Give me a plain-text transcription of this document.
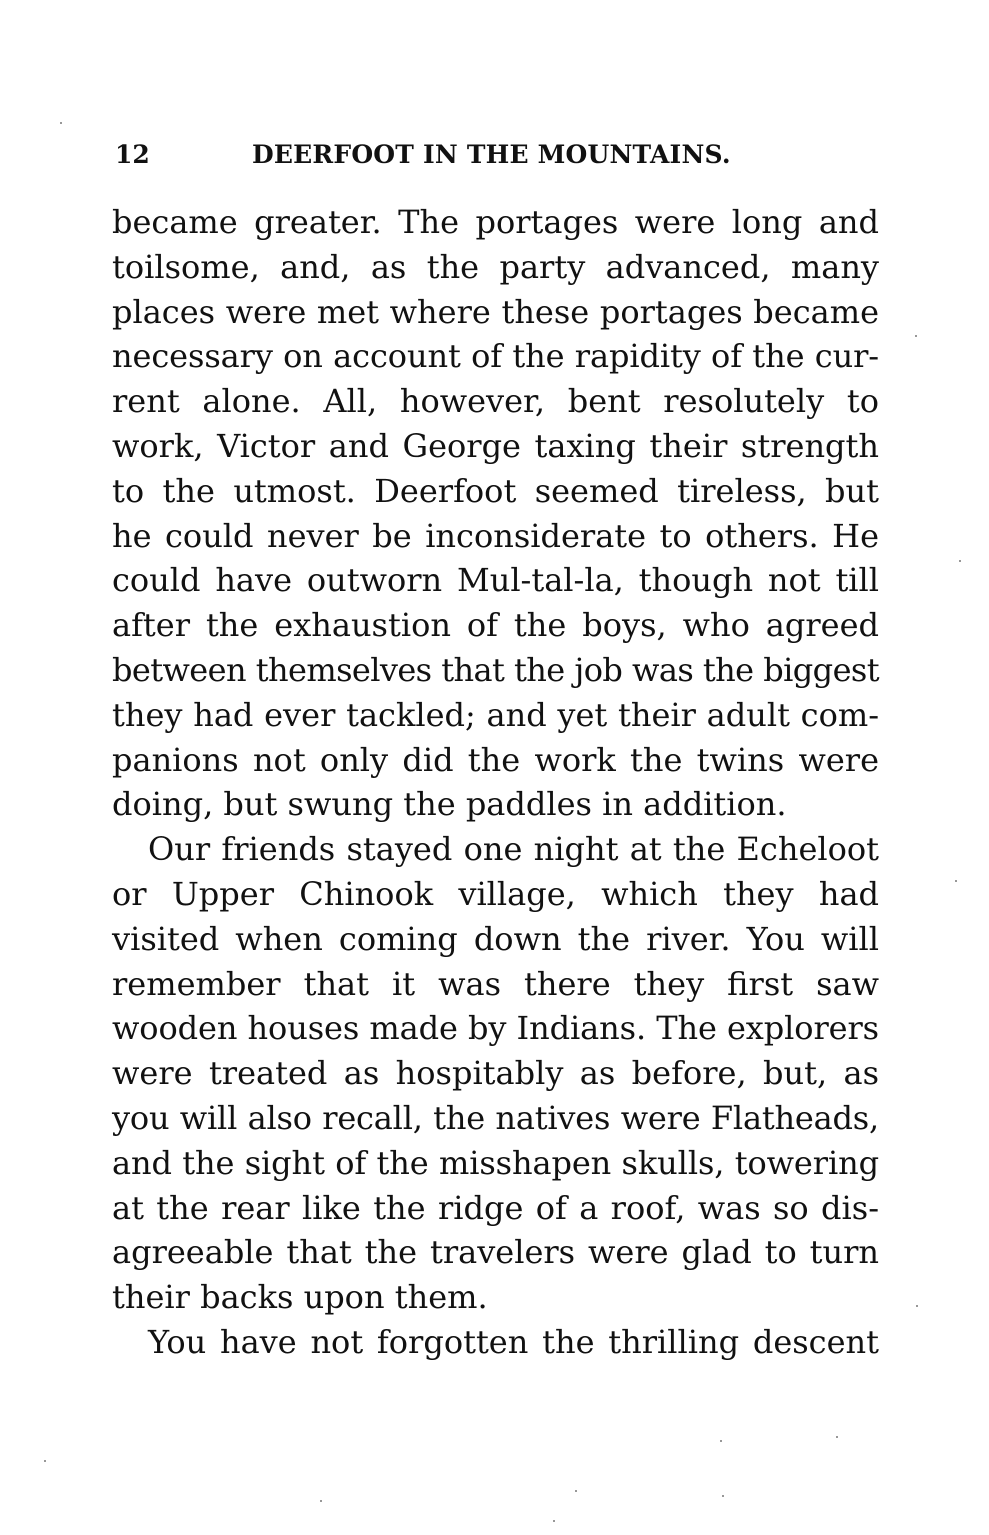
12	DEERFOOT IN THE MOUNTAINS.
became greater. The portages were long and
toilsome, and, as the party advanced, many
places were met where these portages became
necessary on account of the rapidity of the cur-
rent alone. All, however, bent resolutely to
work, Victor and George taxing their strength
to the utmost. Deerfoot seemed tireless, but
he could never be inconsiderate to others. He
could have outworn Mul-tal-la, though not till
after the exhaustion of the boys, who agreed
between themselves that the job was the biggest
they had ever tackled; and yet their adult com-
panions not only did the work the twins were
doing, but swung the paddles in addition.
Our friends stayed one night at the Echeloot
or Upper Chinook village, which they had
visited when coming down the river. You will
remember that it was there they first saw
wooden houses made by Indians. The explorers
were treated as hospitably as before, but, as
you will also recall, the natives were Flatheads,
and the sight of the misshapen skulls, towering
at the rear like the ridge of a roof, was so dis-
agreeable that the travelers were glad to turn
their backs upon them.
You have not forgotten the thrilling descent
